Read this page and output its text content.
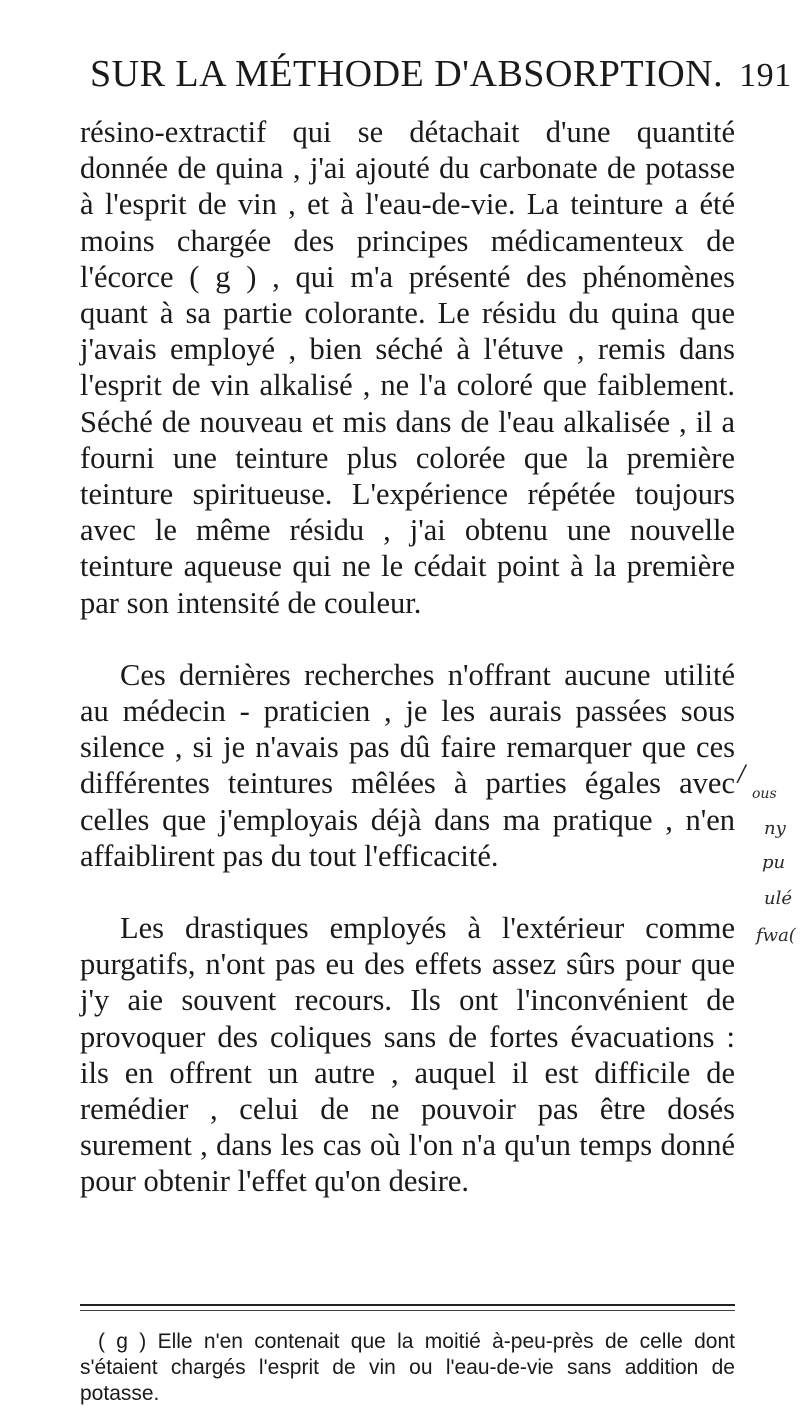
SUR LA MÉTHODE D'ABSORPTION. 191

résino-extractif qui se détachait d'une quantité donnée de quina , j'ai ajouté du carbonate de potasse à l'esprit de vin , et à l'eau-de-vie. La teinture a été moins chargée des principes médicamenteux de l'écorce ( g ) , qui m'a présenté des phénomènes quant à sa partie colorante. Le résidu du quina que j'avais employé , bien séché à l'étuve , remis dans l'esprit de vin alkalisé , ne l'a coloré que faiblement. Séché de nouveau et mis dans de l'eau alkalisée , il a fourni une teinture plus colorée que la première teinture spiritueuse. L'expérience répétée toujours avec le même résidu , j'ai obtenu une nouvelle teinture aqueuse qui ne le cédait point à la première par son intensité de couleur.

Ces dernières recherches n'offrant aucune utilité au médecin - praticien , je les aurais passées sous silence , si je n'avais pas dû faire remarquer que ces différentes teintures mêlées à parties égales avec celles que j'employais déjà dans ma pratique , n'en affaiblirent pas du tout l'efficacité.

Les drastiques employés à l'extérieur comme purgatifs, n'ont pas eu des effets assez sûrs pour que j'y aie souvent recours. Ils ont l'inconvénient de provoquer des coliques sans de fortes évacuations : ils en offrent un autre , auquel il est difficile de remédier , celui de ne pouvoir pas être dosés surement , dans les cas où l'on n'a qu'un temps donné pour obtenir l'effet qu'on desire.

/
ous
ny
pu
ulé
fwa(

( g ) Elle n'en contenait que la moitié à-peu-près de celle dont s'étaient chargés l'esprit de vin ou l'eau-de-vie sans addition de potasse.
